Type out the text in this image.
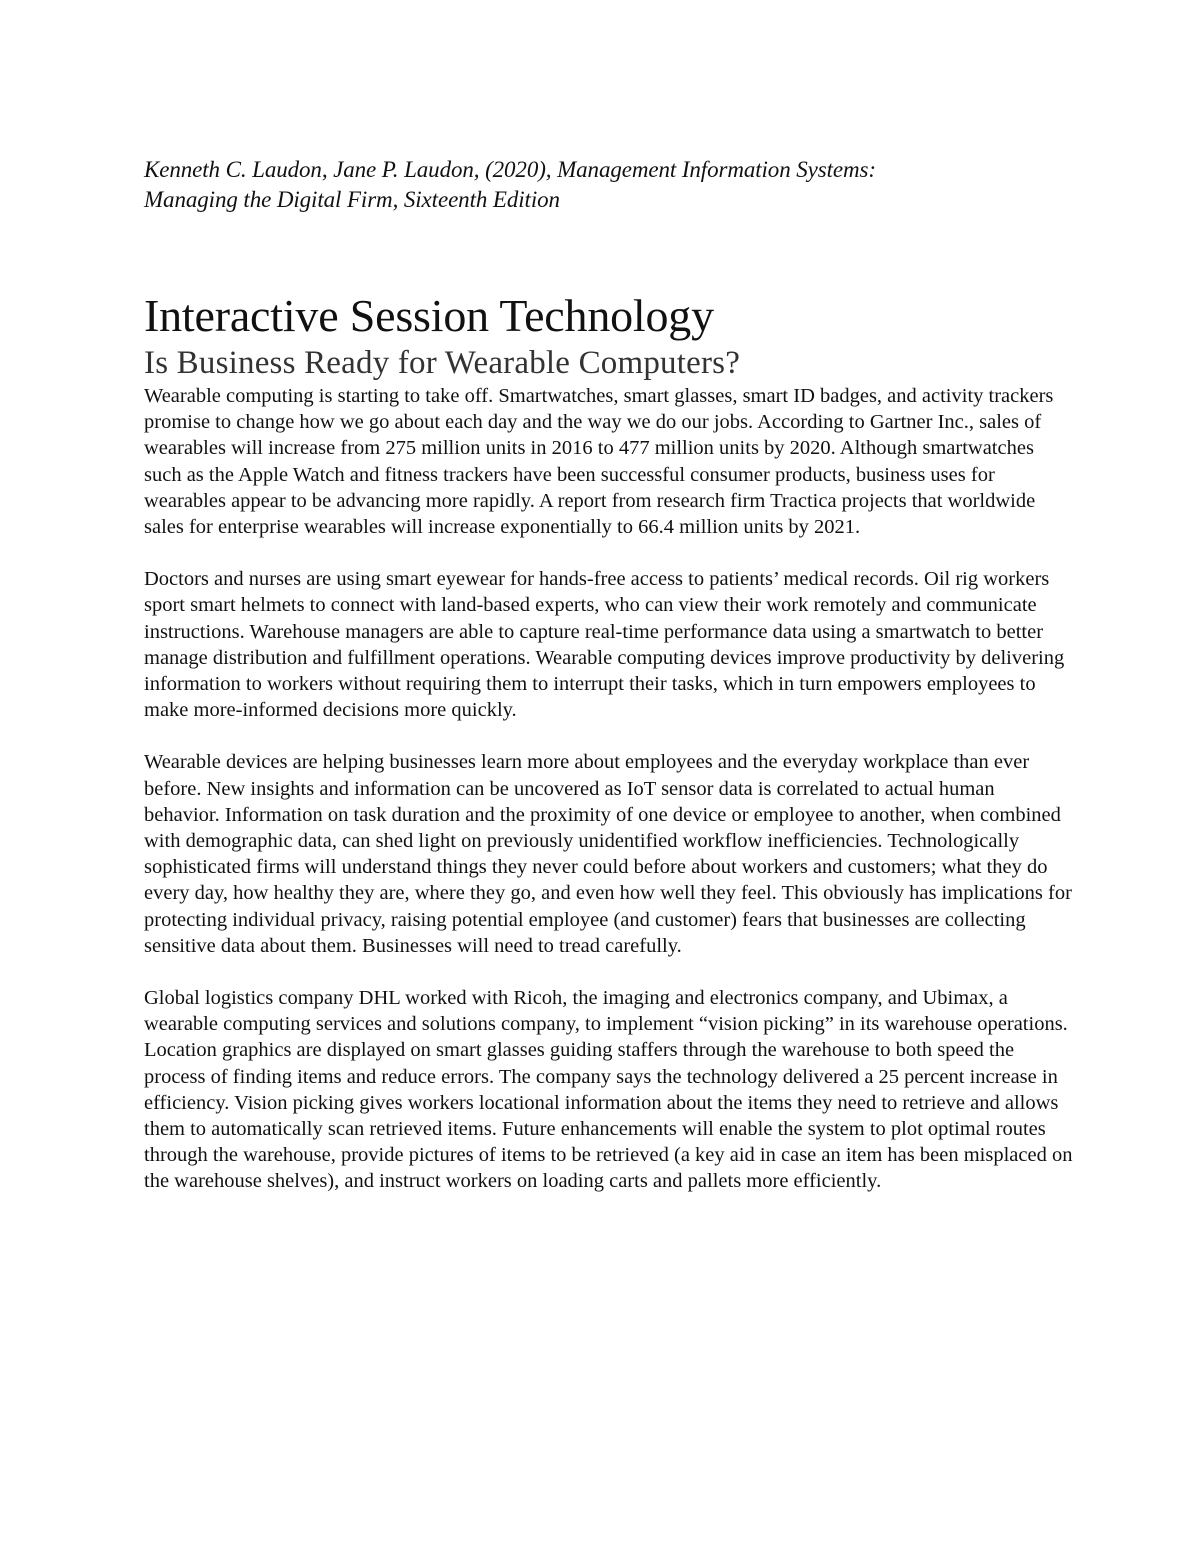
Kenneth C. Laudon, Jane P. Laudon, (2020), Management Information Systems:

Managing the Digital Firm, Sixteenth Edition

Interactive Session Technology
Is Business Ready for Wearable Computers?

Wearable computing is starting to take off. Smartwatches, smart glasses, smart ID badges, and activity trackers promise to change how we go about each day and the way we do our jobs. According to Gartner Inc., sales of wearables will increase from 275 million units in 2016 to 477 million units by 2020. Although smartwatches such as the Apple Watch and fitness trackers have been successful consumer products, business uses for wearables appear to be advancing more rapidly. A report from research firm Tractica projects that worldwide sales for enterprise wearables will increase exponentially to 66.4 million units by 2021.

Doctors and nurses are using smart eyewear for hands-free access to patients’ medical records. Oil rig workers sport smart helmets to connect with land-based experts, who can view their work remotely and communicate instructions. Warehouse managers are able to capture real-time performance data using a smartwatch to better manage distribution and fulfillment operations. Wearable computing devices improve productivity by delivering information to workers without requiring them to interrupt their tasks, which in turn empowers employees to make more-informed decisions more quickly.

Wearable devices are helping businesses learn more about employees and the everyday workplace than ever before. New insights and information can be uncovered as IoT sensor data is correlated to actual human behavior. Information on task duration and the proximity of one device or employee to another, when combined with demographic data, can shed light on previously unidentified workflow inefficiencies. Technologically sophisticated firms will understand things they never could before about workers and customers; what they do every day, how healthy they are, where they go, and even how well they feel. This obviously has implications for protecting individual privacy, raising potential employee (and customer) fears that businesses are collecting sensitive data about them. Businesses will need to tread carefully.

Global logistics company DHL worked with Ricoh, the imaging and electronics company, and Ubimax, a wearable computing services and solutions company, to implement “vision picking” in its warehouse operations. Location graphics are displayed on smart glasses guiding staffers through the warehouse to both speed the process of finding items and reduce errors. The company says the technology delivered a 25 percent increase in efficiency. Vision picking gives workers locational information about the items they need to retrieve and allows them to automatically scan retrieved items. Future enhancements will enable the system to plot optimal routes through the warehouse, provide pictures of items to be retrieved (a key aid in case an item has been misplaced on the warehouse shelves), and instruct workers on loading carts and pallets more efficiently.
